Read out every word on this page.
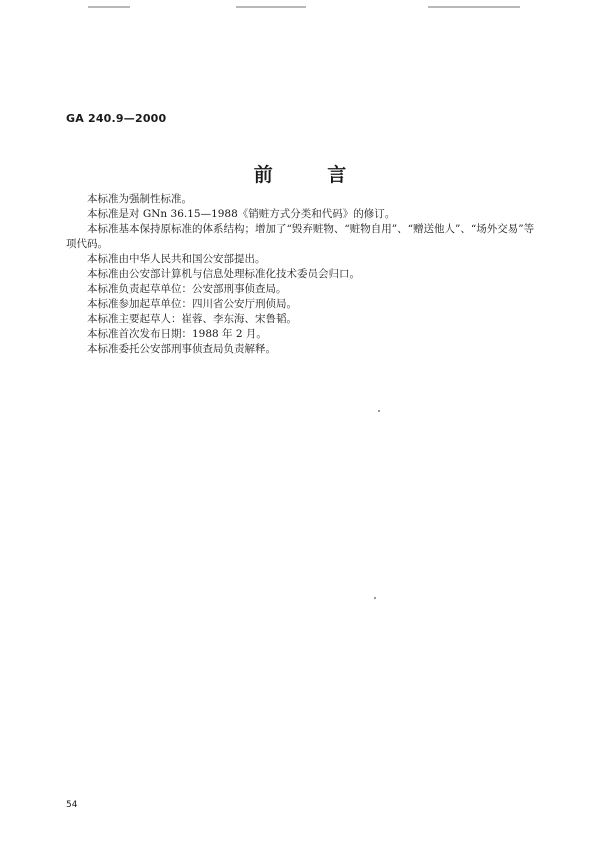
GA 240.9—2000
前 言

本标准为强制性标准。

本标准是对 GNn 36.15—1988《销赃方式分类和代码》的修订。

本标准基本保持原标准的体系结构；增加了“毁弃赃物、“赃物自用”、“赠送他人”、“场外交易”等项代码。

本标准由中华人民共和国公安部提出。

本标准由公安部计算机与信息处理标准化技术委员会归口。

本标准负责起草单位：公安部刑事侦查局。

本标准参加起草单位：四川省公安厅刑侦局。

本标准主要起草人：崔蓉、李东海、宋鲁韬。

本标准首次发布日期：1988 年 2 月。

本标准委托公安部刑事侦查局负责解释。

54
